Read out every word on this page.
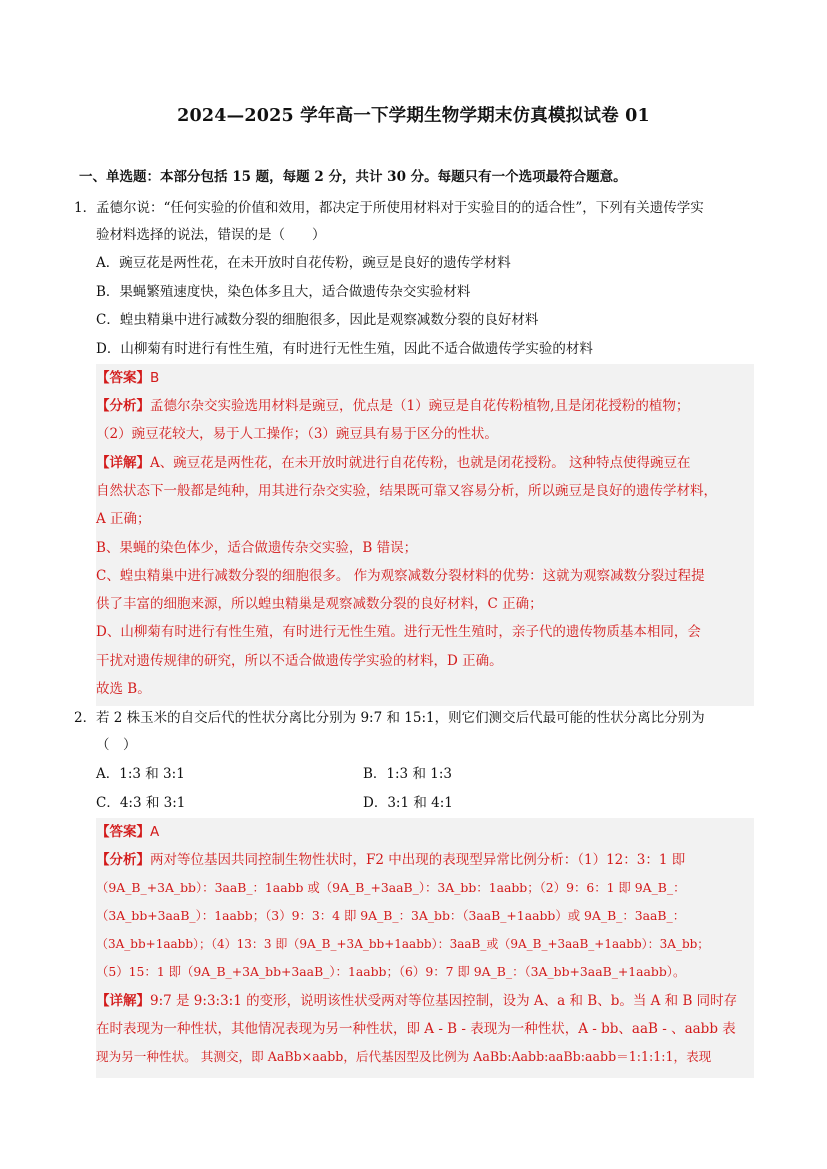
2024—2025 学年高一下学期生物学期末仿真模拟试卷 01
一、单选题：本部分包括 15 题，每题 2 分，共计 30 分。每题只有一个选项最符合题意。
1． 孟德尔说：“任何实验的价值和效用，都决定于所使用材料对于实验目的的适合性”，下列有关遗传学实
验材料选择的说法，错误的是（　　）
A．豌豆花是两性花，在未开放时自花传粉，豌豆是良好的遗传学材料
B．果蝇繁殖速度快，染色体多且大，适合做遗传杂交实验材料
C．蝗虫精巢中进行减数分裂的细胞很多，因此是观察减数分裂的良好材料
D．山柳菊有时进行有性生殖，有时进行无性生殖，因此不适合做遗传学实验的材料
【答案】B
【分析】孟德尔杂交实验选用材料是豌豆，优点是（1）豌豆是自花传粉植物,且是闭花授粉的植物；
（2）豌豆花较大，易于人工操作；（3）豌豆具有易于区分的性状。
【详解】A、豌豆花是两性花，在未开放时就进行自花传粉，也就是闭花授粉。 这种特点使得豌豆在
自然状态下一般都是纯种，用其进行杂交实验，结果既可靠又容易分析，所以豌豆是良好的遗传学材料，
A 正确；
B、果蝇的染色体少，适合做遗传杂交实验，B 错误；
C、蝗虫精巢中进行减数分裂的细胞很多。 作为观察减数分裂材料的优势：这就为观察减数分裂过程提
供了丰富的细胞来源，所以蝗虫精巢是观察减数分裂的良好材料，C 正确；
D、山柳菊有时进行有性生殖，有时进行无性生殖。进行无性生殖时，亲子代的遗传物质基本相同，会
干扰对遗传规律的研究，所以不适合做遗传学实验的材料，D 正确。
故选 B。
2． 若 2 株玉米的自交后代的性状分离比分别为 9:7 和 15:1，则它们测交后代最可能的性状分离比分别为
（　）
A．1:3 和 3:1	B．1:3 和 1:3
C．4:3 和 3:1	D．3:1 和 4:1
【答案】A
【分析】两对等位基因共同控制生物性状时，F2 中出现的表现型异常比例分析：（1）12：3：1 即
（9A_B_+3A_bb）：3aaB_：1aabb 或（9A_B_+3aaB_）：3A_bb：1aabb；（2）9：6：1 即 9A_B_：
（3A_bb+3aaB_）：1aabb；（3）9：3：4 即 9A_B_：3A_bb：（3aaB_+1aabb）或 9A_B_：3aaB_：
（3A_bb+1aabb）；（4）13：3 即（9A_B_+3A_bb+1aabb）：3aaB_或（9A_B_+3aaB_+1aabb）：3A_bb；
（5）15：1 即（9A_B_+3A_bb+3aaB_）：1aabb；（6）9：7 即 9A_B_：（3A_bb+3aaB_+1aabb）。
【详解】9:7 是 9:3:3:1 的变形，说明该性状受两对等位基因控制，设为 A、a 和 B、b。当 A 和 B 同时存
在时表现为一种性状，其他情况表现为另一种性状，即 A - B - 表现为一种性状，A - bb、aaB - 、aabb 表
现为另一种性状。 其测交，即 AaBb×aabb，后代基因型及比例为 AaBb:Aabb:aaBb:aabb＝1:1:1:1，表现
